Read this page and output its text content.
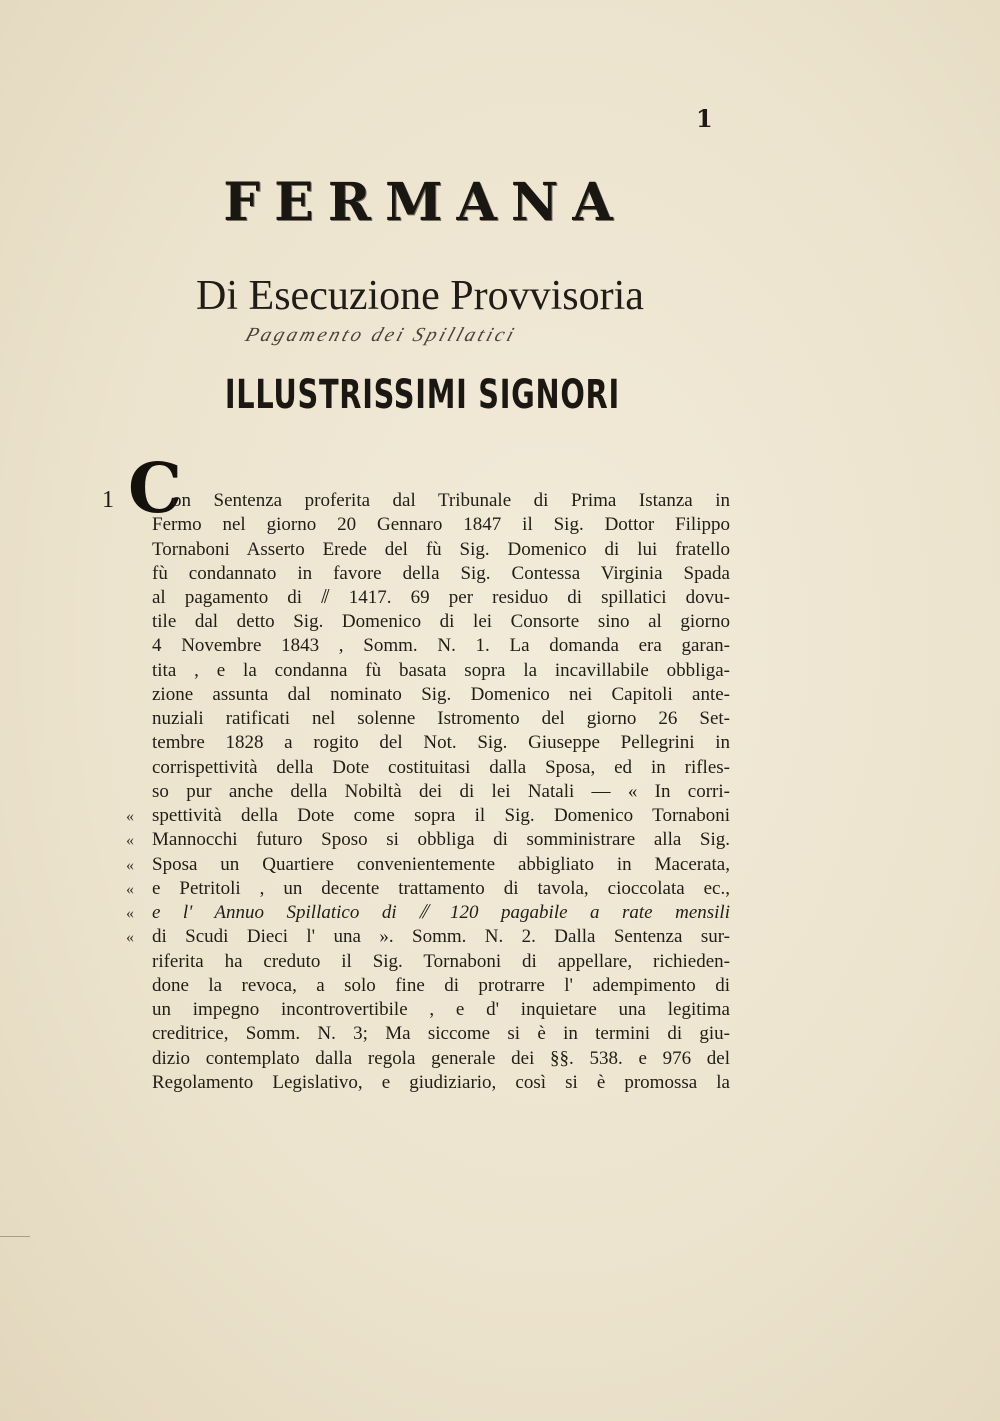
1
FERMANA
Di Esecuzione Provvisoria
Pagamento dei Spillatici
ILLUSTRISSIMI SIGNORI
1 C
on Sentenza proferita dal Tribunale di Prima Istanza in
Fermo nel giorno 20 Gennaro 1847 il Sig. Dottor Filippo
Tornaboni Asserto Erede del fù Sig. Domenico di lui fratello
fù condannato in favore della Sig. Contessa Virginia Spada
al pagamento di ⫽ 1417. 69 per residuo di spillatici dovu-
tile dal detto Sig. Domenico di lei Consorte sino al giorno
4 Novembre 1843 , Somm. N. 1. La domanda era garan-
tita , e la condanna fù basata sopra la incavillabile obbliga-
zione assunta dal nominato Sig. Domenico nei Capitoli ante-
nuziali ratificati nel solenne Istromento del giorno 26 Set-
tembre 1828 a rogito del Not. Sig. Giuseppe Pellegrini in
corrispettività della Dote costituitasi dalla Sposa, ed in rifles-
so pur anche della Nobiltà dei di lei Natali — « In corri-
spettività della Dote come sopra il Sig. Domenico Tornaboni
Mannocchi futuro Sposo si obbliga di somministrare alla Sig.
Sposa un Quartiere convenientemente abbigliato in Macerata,
e Petritoli , un decente trattamento di tavola, cioccolata ec.,
e l' Annuo Spillatico di ⫽ 120 pagabile a rate mensili
di Scudi Dieci l' una ». Somm. N. 2. Dalla Sentenza sur-
riferita ha creduto il Sig. Tornaboni di appellare, richieden-
done la revoca, a solo fine di protrarre l' adempimento di
un impegno incontrovertibile , e d' inquietare una legitima
creditrice, Somm. N. 3; Ma siccome si è in termini di giu-
dizio contemplato dalla regola generale dei §§. 538. e 976 del
Regolamento Legislativo, e giudiziario, così si è promossa la
«
«
«
«
«
«
